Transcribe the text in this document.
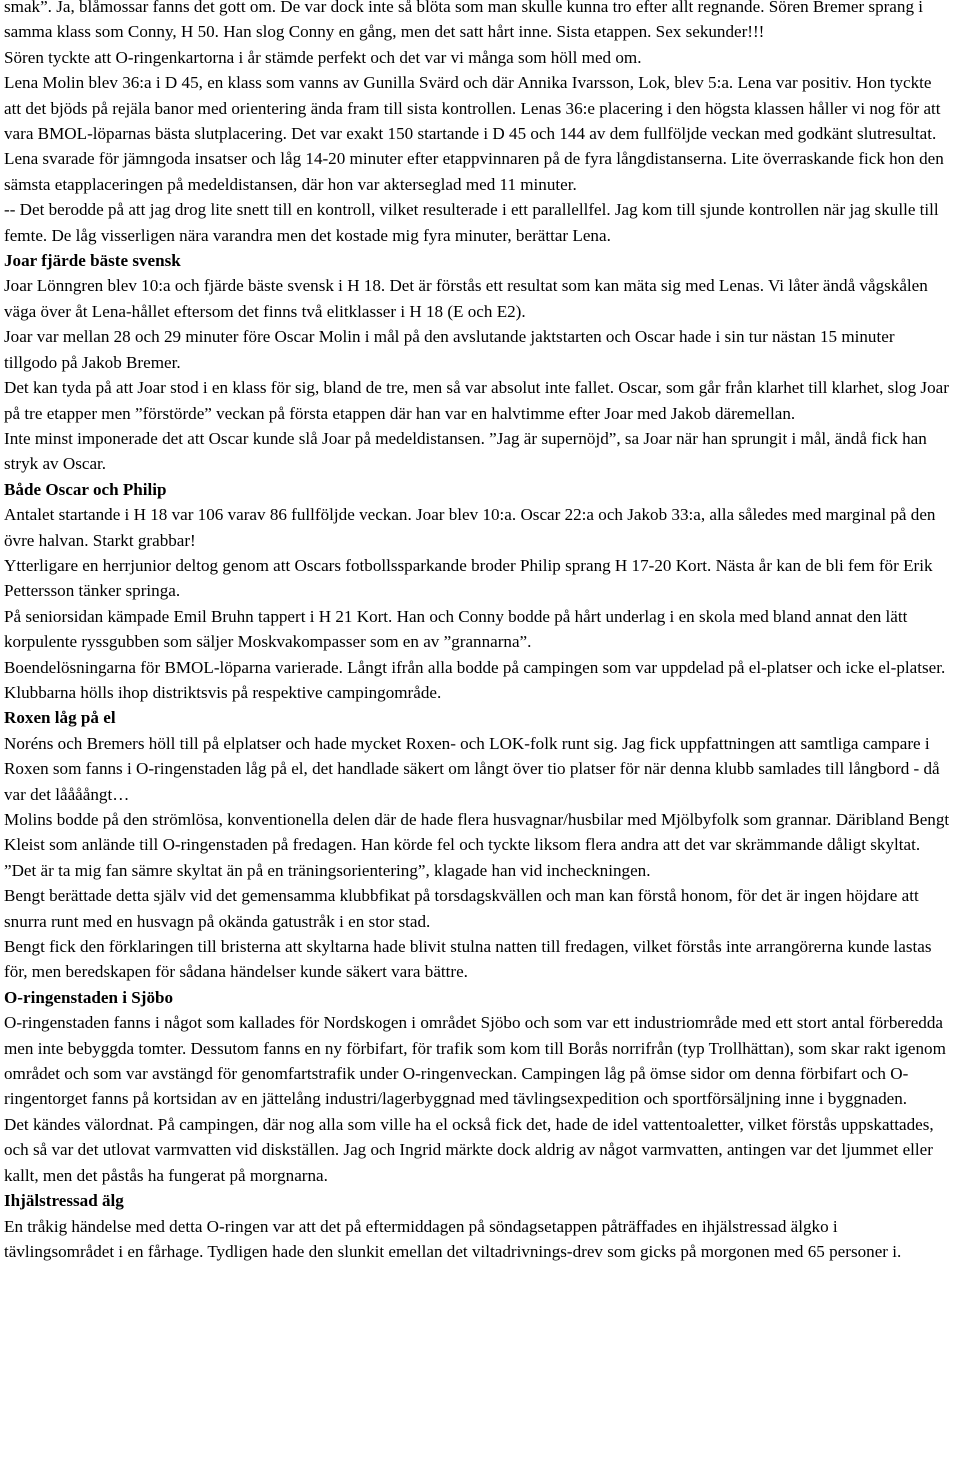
smak”. Ja, blåmossar fanns det gott om. De var dock inte så blöta som man skulle kunna tro efter allt regnande. Sören Bremer sprang i samma klass som Conny, H 50. Han slog Conny en gång, men det satt hårt inne. Sista etappen. Sex sekunder!!!

Sören tyckte att O-ringenkartorna i år stämde perfekt och det var vi många som höll med om.

Lena Molin blev 36:a i D 45, en klass som vanns av Gunilla Svärd och där Annika Ivarsson, Lok, blev 5:a. Lena var positiv. Hon tyckte att det bjöds på rejäla banor med orientering ända fram till sista kontrollen. Lenas 36:e placering i den högsta klassen håller vi nog för att vara BMOL-löparnas bästa slutplacering. Det var exakt 150 startande i D 45 och 144 av dem fullföljde veckan med godkänt slutresultat. Lena svarade för jämngoda insatser och låg 14-20 minuter efter etappvinnaren på de fyra långdistanserna. Lite överraskande fick hon den sämsta etapplaceringen på medeldistansen, där hon var akterseglad med 11 minuter.

-- Det berodde på att jag drog lite snett till en kontroll, vilket resulterade i ett parallellfel. Jag kom till sjunde kontrollen när jag skulle till femte. De låg visserligen nära varandra men det kostade mig fyra minuter, berättar Lena.

Joar fjärde bäste svensk

Joar Lönngren blev 10:a och fjärde bäste svensk i H 18. Det är förstås ett resultat som kan mäta sig med Lenas. Vi låter ändå vågskålen väga över åt Lena-hållet eftersom det finns två elitklasser i H 18 (E och E2).

Joar var mellan 28 och 29 minuter före Oscar Molin i mål på den avslutande jaktstarten och Oscar hade i sin tur nästan 15 minuter tillgodo på Jakob Bremer.

Det kan tyda på att Joar stod i en klass för sig, bland de tre, men så var absolut inte fallet. Oscar, som går från klarhet till klarhet, slog Joar på tre etapper men ”förstörde” veckan på första etappen där han var en halvtimme efter Joar med Jakob däremellan.

Inte minst imponerade det att Oscar kunde slå Joar på medeldistansen. ”Jag är supernöjd”, sa Joar när han sprungit i mål, ändå fick han stryk av Oscar.

Både Oscar och Philip

Antalet startande i H 18 var 106 varav 86 fullföljde veckan. Joar blev 10:a. Oscar 22:a och Jakob 33:a, alla således med marginal på den övre halvan. Starkt grabbar!

Ytterligare en herrjunior deltog genom att Oscars fotbollssparkande broder Philip sprang H 17-20 Kort. Nästa år kan de bli fem för Erik Pettersson tänker springa.

På seniorsidan kämpade Emil Bruhn tappert i H 21 Kort. Han och Conny bodde på hårt underlag i en skola med bland annat den lätt korpulente ryssgubben som säljer Moskvakompasser som en av ”grannarna”.

Boendelösningarna för BMOL-löparna varierade. Långt ifrån alla bodde på campingen som var uppdelad på el-platser och icke el-platser. Klubbarna hölls ihop distriktsvis på respektive campingområde.

Roxen låg på el

Noréns och Bremers höll till på elplatser och hade mycket Roxen- och LOK-folk runt sig. Jag fick uppfattningen att samtliga campare i Roxen som fanns i O-ringenstaden låg på el, det handlade säkert om långt över tio platser för när denna klubb samlades till långbord - då var det låååångt…

Molins bodde på den strömlösa, konventionella delen där de hade flera husvagnar/husbilar med Mjölbyfolk som grannar. Däribland Bengt Kleist som anlände till O-ringenstaden på fredagen. Han körde fel och tyckte liksom flera andra att det var skrämmande dåligt skyltat.

”Det är ta mig fan sämre skyltat än på en träningsorientering”, klagade han vid incheckningen.

Bengt berättade detta själv vid det gemensamma klubbfikat på torsdagskvällen och man kan förstå honom, för det är ingen höjdare att snurra runt med en husvagn på okända gatustråk i en stor stad.

Bengt fick den förklaringen till bristerna att skyltarna hade blivit stulna natten till fredagen, vilket förstås inte arrangörerna kunde lastas för, men beredskapen för sådana händelser kunde säkert vara bättre.

O-ringenstaden i Sjöbo

O-ringenstaden fanns i något som kallades för Nordskogen i området Sjöbo och som var ett industriområde med ett stort antal förberedda men inte bebyggda tomter. Dessutom fanns en ny förbifart, för trafik som kom till Borås norrifrån (typ Trollhättan), som skar rakt igenom området och som var avstängd för genomfartstrafik under O-ringenveckan. Campingen låg på ömse sidor om denna förbifart och O-ringentorget fanns på kortsidan av en jättelång industri/lagerbyggnad med tävlingsexpedition och sportförsäljning inne i byggnaden.

Det kändes välordnat. På campingen, där nog alla som ville ha el också fick det, hade de idel vattentoaletter, vilket förstås uppskattades, och så var det utlovat varmvatten vid diskställen. Jag och Ingrid märkte dock aldrig av något varmvatten, antingen var det ljummet eller kallt, men det påstås ha fungerat på morgnarna.

Ihjälstressad älg

En tråkig händelse med detta O-ringen var att det på eftermiddagen på söndagsetappen påträffades en ihjälstressad älgko i tävlingsområdet i en fårhage. Tydligen hade den slunkit emellan det viltadrivnings-drev som gicks på morgonen med 65 personer i.
